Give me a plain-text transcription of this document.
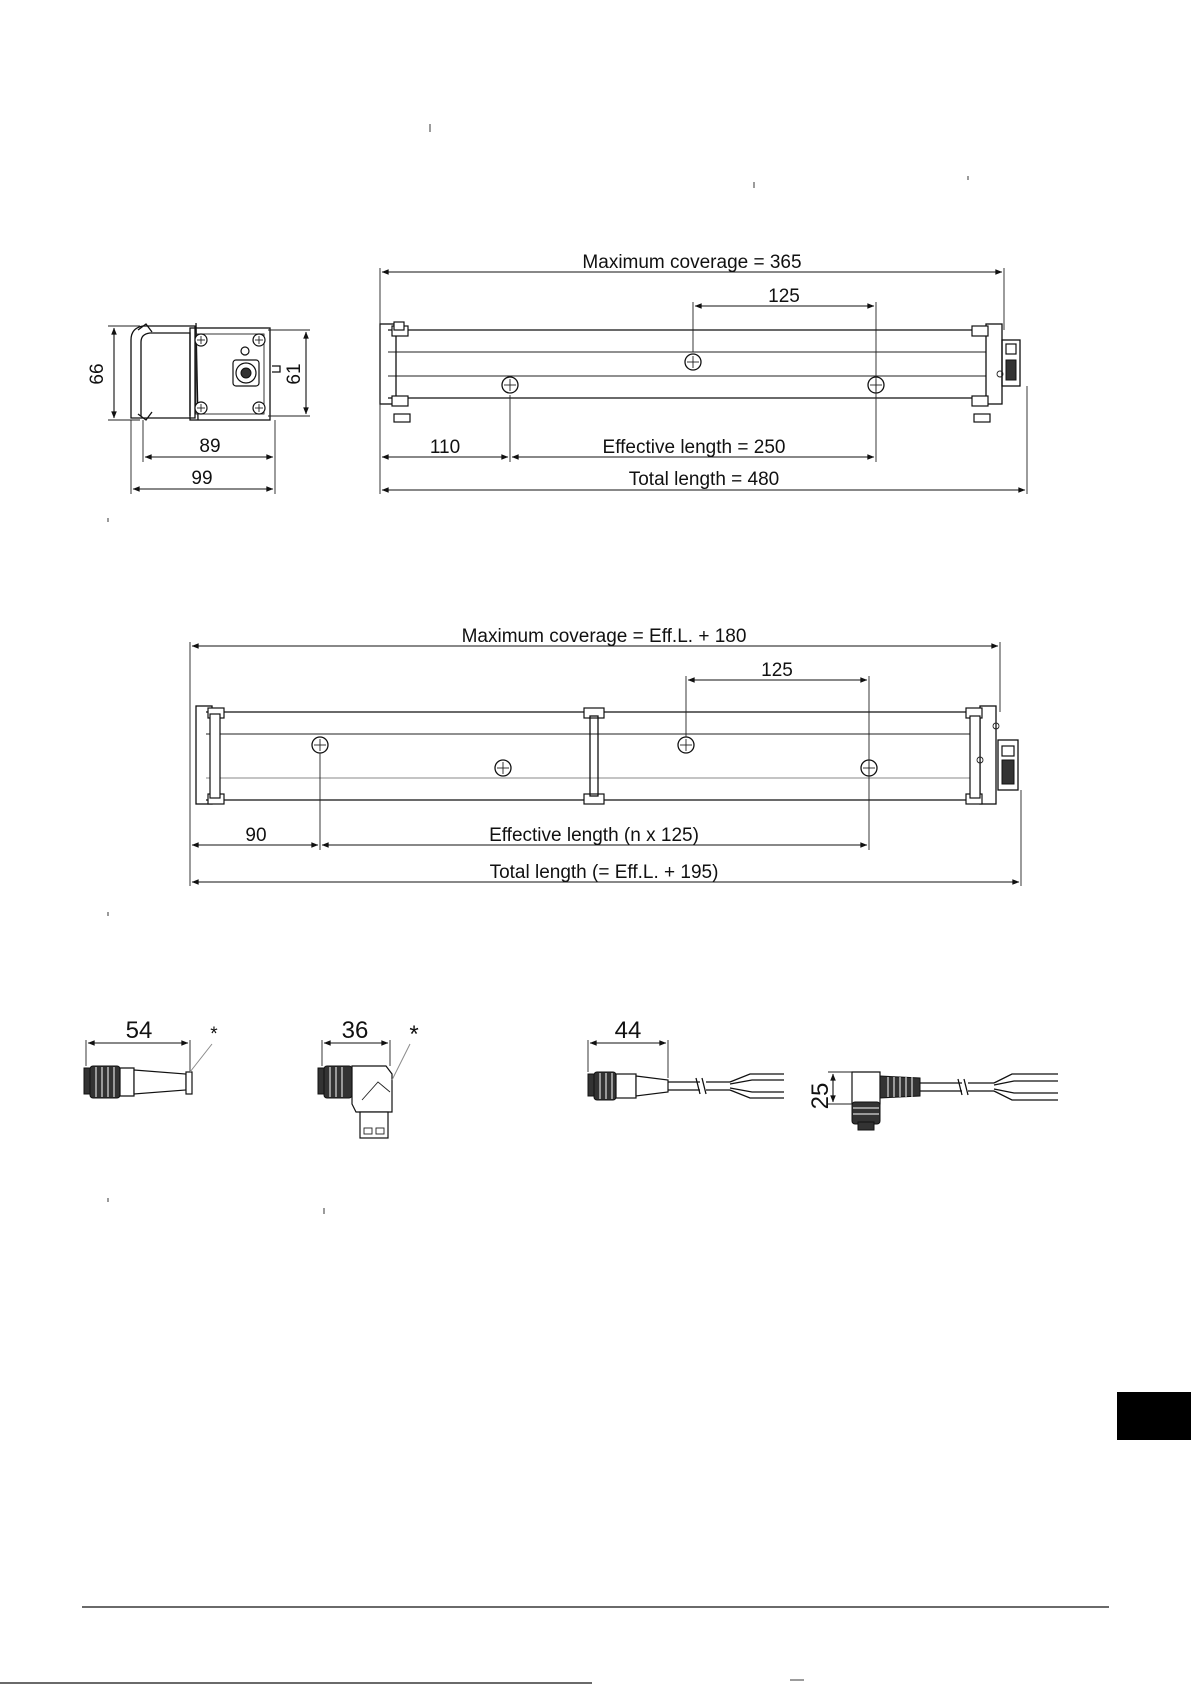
66	61
89
99
Maximum coverage = 365
125
110	Effective length = 250
Total length = 480
Maximum coverage = Eff.L. + 180
125
90	Effective length (n x 125)
Total length (= Eff.L. + 195)
54	*	36 *	44
25
